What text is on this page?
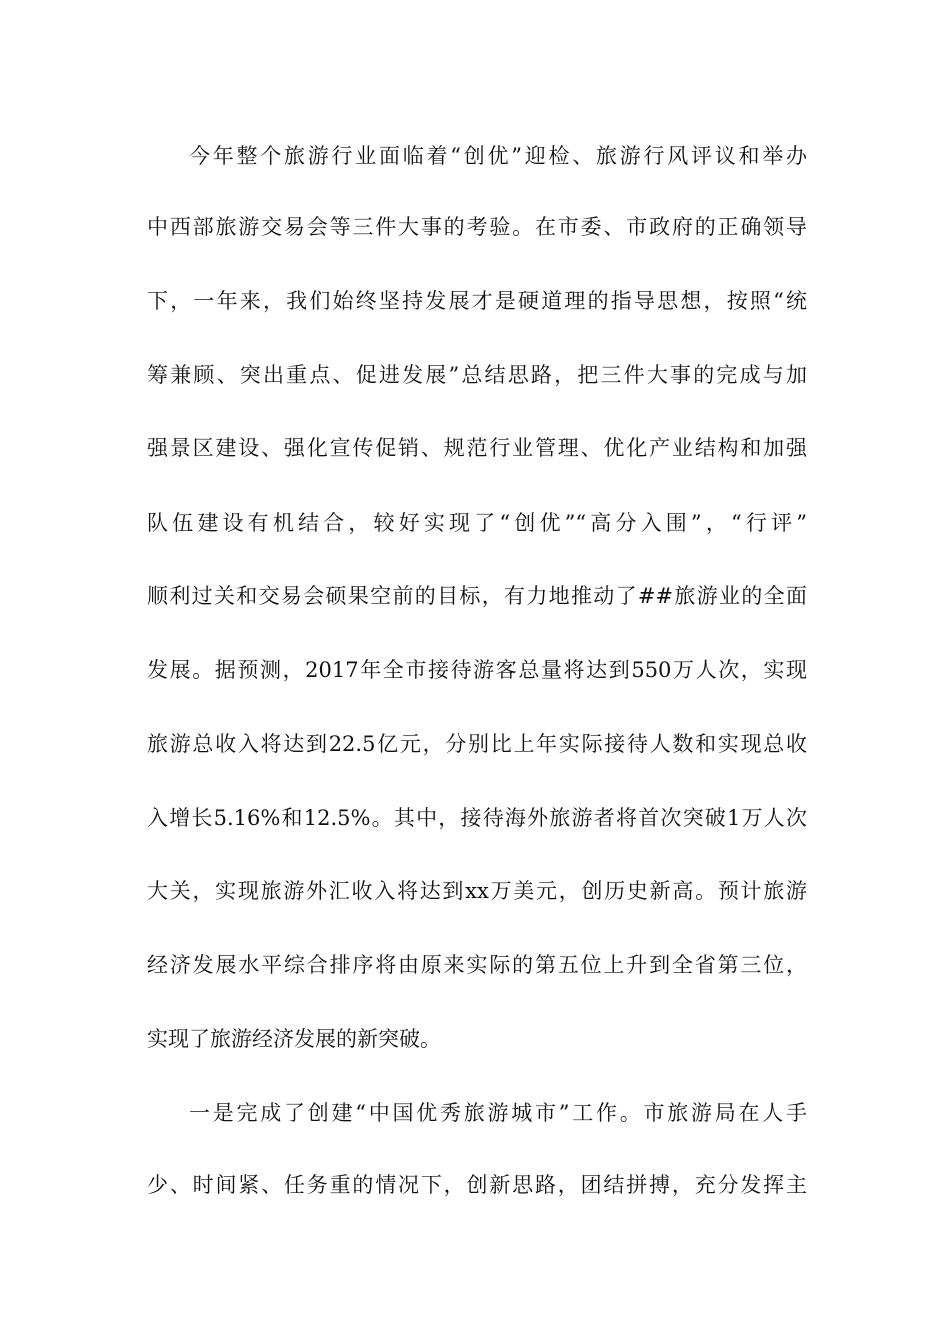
今年整个旅游行业面临着“创优”迎检、旅游行风评议和举办
中西部旅游交易会等三件大事的考验。在市委、市政府的正确领导
下，一年来，我们始终坚持发展才是硬道理的指导思想，按照“统
筹兼顾、突出重点、促进发展”总结思路，把三件大事的完成与加
强景区建设、强化宣传促销、规范行业管理、优化产业结构和加强
队伍建设有机结合，较好实现了“创优”“高分入围”，“行评”
顺利过关和交易会硕果空前的目标，有力地推动了##旅游业的全面
发展。据预测，2017年全市接待游客总量将达到550万人次，实现
旅游总收入将达到22.5亿元，分别比上年实际接待人数和实现总收
入增长5.16%和12.5%。其中，接待海外旅游者将首次突破1万人次
大关，实现旅游外汇收入将达到xx万美元，创历史新高。预计旅游
经济发展水平综合排序将由原来实际的第五位上升到全省第三位，
实现了旅游经济发展的新突破。
一是完成了创建“中国优秀旅游城市”工作。市旅游局在人手
少、时间紧、任务重的情况下，创新思路，团结拼搏，充分发挥主
